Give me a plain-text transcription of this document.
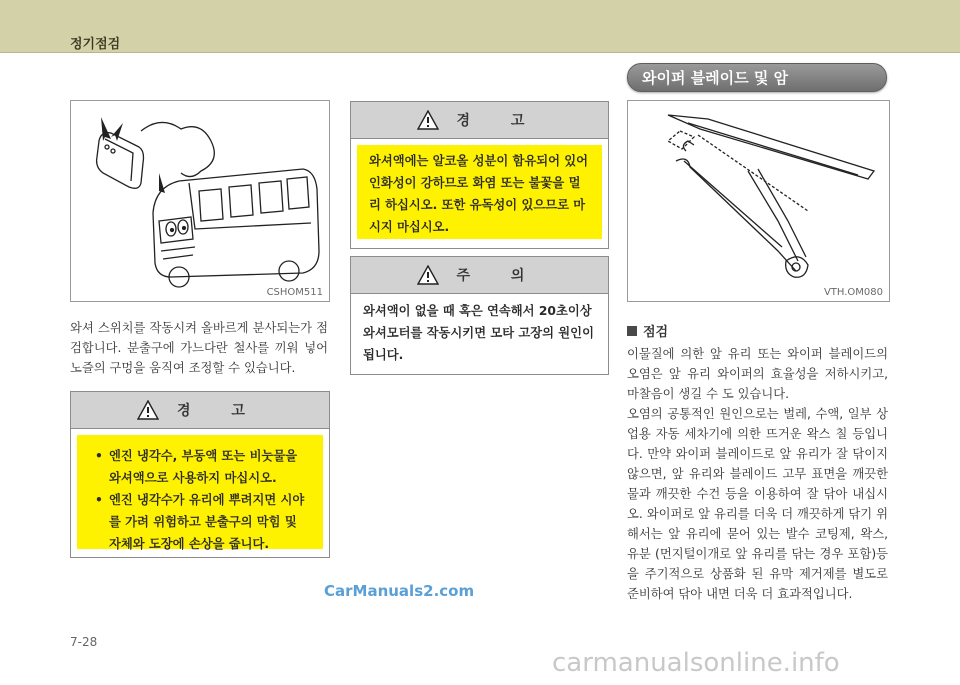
정기점검
와이퍼 블레이드 및 암
CSHOM511

와셔 스위치를 작동시켜 올바르게 분사되는가 점검합니다. 분출구에 가느다란 철사를 끼워 넣어 노즐의 구멍을 움직여 조정할 수 있습니다.

경 고
• 엔진 냉각수, 부동액 또는 비눗물을 와셔액으로 사용하지 마십시오.
• 엔진 냉각수가 유리에 뿌려지면 시야를 가려 위험하고 분출구의 막힘 및 자체와 도장에 손상을 줍니다.
경 고
와셔액에는 알코올 성분이 함유되어 있어 인화성이 강하므로 화염 또는 불꽃을 멀리 하십시오. 또한 유독성이 있으므로 마시지 마십시오.
주 의
와셔액이 없을 때 혹은 연속해서 20초이상 와셔모터를 작동시키면 모타 고장의 원인이 됩니다.
VTH.OM080
점검

이물질에 의한 앞 유리 또는 와이퍼 블레이드의 오염은 앞 유리 와이퍼의 효율성을 저하시키고, 마찰음이 생길 수 도 있습니다.

오염의 공통적인 원인으로는 벌레, 수액, 일부 상업용 자동 세차기에 의한 뜨거운 왁스 칠 등입니다. 만약 와이퍼 블레이드로 앞 유리가 잘 닦이지 않으면, 앞 유리와 블레이드 고무 표면을 깨끗한 물과 깨끗한 수건 등을 이용하여 잘 닦아 내십시오. 와이퍼로 앞 유리를 더욱 더 깨끗하게 닦기 위해서는 앞 유리에 묻어 있는 발수 코팅제, 왁스, 유분 (먼지털이개로 앞 유리를 닦는 경우 포함)등을 주기적으로 상품화 된 유막 제거제를 별도로 준비하여 닦아 내면 더욱 더 효과적입니다.

CarManuals2.com
7-28
carmanualsonline.info
